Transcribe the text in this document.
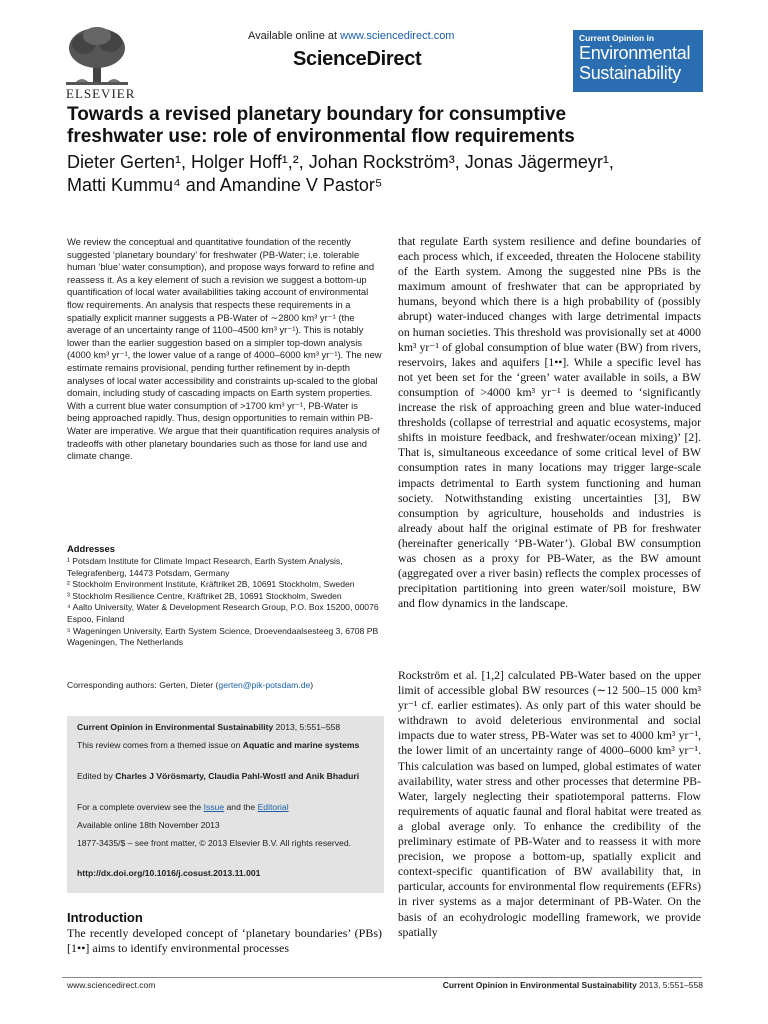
ELSEVIER
Available online at www.sciencedirect.com
ScienceDirect
Current Opinion in
Environmental
Sustainability
Towards a revised planetary boundary for consumptive
freshwater use: role of environmental flow requirements
Dieter Gerten¹, Holger Hoff¹,², Johan Rockström³, Jonas Jägermeyr¹,
Matti Kummu⁴ and Amandine V Pastor⁵

We review the conceptual and quantitative foundation of the recently suggested ‘planetary boundary’ for freshwater (PB-Water; i.e. tolerable human ‘blue’ water consumption), and propose ways forward to refine and reassess it. As a key element of such a revision we suggest a bottom-up quantification of local water availabilities taking account of environmental flow requirements. An analysis that respects these requirements in a spatially explicit manner suggests a PB-Water of ∼2800 km³ yr⁻¹ (the average of an uncertainty range of 1100–4500 km³ yr⁻¹). This is notably lower than the earlier suggestion based on a simpler top-down analysis (4000 km³ yr⁻¹, the lower value of a range of 4000–6000 km³ yr⁻¹). The new estimate remains provisional, pending further refinement by in-depth analyses of local water accessibility and constraints up-scaled to the global domain, including study of cascading impacts on Earth system properties. With a current blue water consumption of >1700 km³ yr⁻¹, PB-Water is being approached rapidly. Thus, design opportunities to remain within PB-Water are imperative. We argue that their quantification requires analysis of tradeoffs with other planetary boundaries such as those for land use and climate change.

Addresses
¹ Potsdam Institute for Climate Impact Research, Earth System Analysis, Telegrafenberg, 14473 Potsdam, Germany
² Stockholm Environment Institute, Kräftriket 2B, 10691 Stockholm, Sweden
³ Stockholm Resilience Centre, Kräftriket 2B, 10691 Stockholm, Sweden
⁴ Aalto University, Water & Development Research Group, P.O. Box 15200, 00076 Espoo, Finland
⁵ Wageningen University, Earth System Science, Droevendaalsesteeg 3, 6708 PB Wageningen, The Netherlands
Corresponding authors: Gerten, Dieter (gerten@pik-potsdam.de)
Current Opinion in Environmental Sustainability 2013, 5:551–558
This review comes from a themed issue on Aquatic and marine systems
Edited by Charles J Vörösmarty, Claudia Pahl-Wostl and Anik Bhaduri
For a complete overview see the Issue and the Editorial
Available online 18th November 2013
1877-3435/$ – see front matter, © 2013 Elsevier B.V. All rights reserved.
http://dx.doi.org/10.1016/j.cosust.2013.11.001
Introduction
The recently developed concept of ‘planetary boundaries’ (PBs) [1••] aims to identify environmental processes

that regulate Earth system resilience and define boundaries of each process which, if exceeded, threaten the Holocene stability of the Earth system. Among the suggested nine PBs is the maximum amount of freshwater that can be appropriated by humans, beyond which there is a high probability of (possibly abrupt) water-induced changes with large detrimental impacts on human societies. This threshold was provisionally set at 4000 km³ yr⁻¹ of global consumption of blue water (BW) from rivers, reservoirs, lakes and aquifers [1••]. While a specific level has not yet been set for the ‘green’ water available in soils, a BW consumption of >4000 km³ yr⁻¹ is deemed to ‘significantly increase the risk of approaching green and blue water-induced thresholds (collapse of terrestrial and aquatic ecosystems, major shifts in moisture feedback, and freshwater/ocean mixing)’ [2]. That is, simultaneous exceedance of some critical level of BW consumption rates in many locations may trigger large-scale impacts detrimental to Earth system functioning and human society. Notwithstanding existing uncertainties [3], BW consumption by agriculture, households and industries is already about half the original estimate of PB for freshwater (hereinafter generically ‘PB-Water’). Global BW consumption was chosen as a proxy for PB-Water, as the BW amount (aggregated over a river basin) reflects the complex processes of precipitation partitioning into green water/soil moisture, BW and flow dynamics in the landscape.

Rockström et al. [1,2] calculated PB-Water based on the upper limit of accessible global BW resources (∼12 500–15 000 km³ yr⁻¹ cf. earlier estimates). As only part of this water should be withdrawn to avoid deleterious environmental and social impacts due to water stress, PB-Water was set to 4000 km³ yr⁻¹, the lower limit of an uncertainty range of 4000–6000 km³ yr⁻¹. This calculation was based on lumped, global estimates of water availability, water stress and other processes that determine PB-Water, largely neglecting their spatiotemporal patterns. Flow requirements of aquatic faunal and floral habitat were treated as a global average only. To enhance the credibility of the preliminary estimate of PB-Water and to reassess it with more precision, we propose a bottom-up, spatially explicit and context-specific quantification of BW availability that, in particular, accounts for environmental flow requirements (EFRs) in river systems as a major determinant of PB-Water. On the basis of an ecohydrologic modelling framework, we provide spatially

www.sciencedirect.com	Current Opinion in Environmental Sustainability 2013, 5:551–558
